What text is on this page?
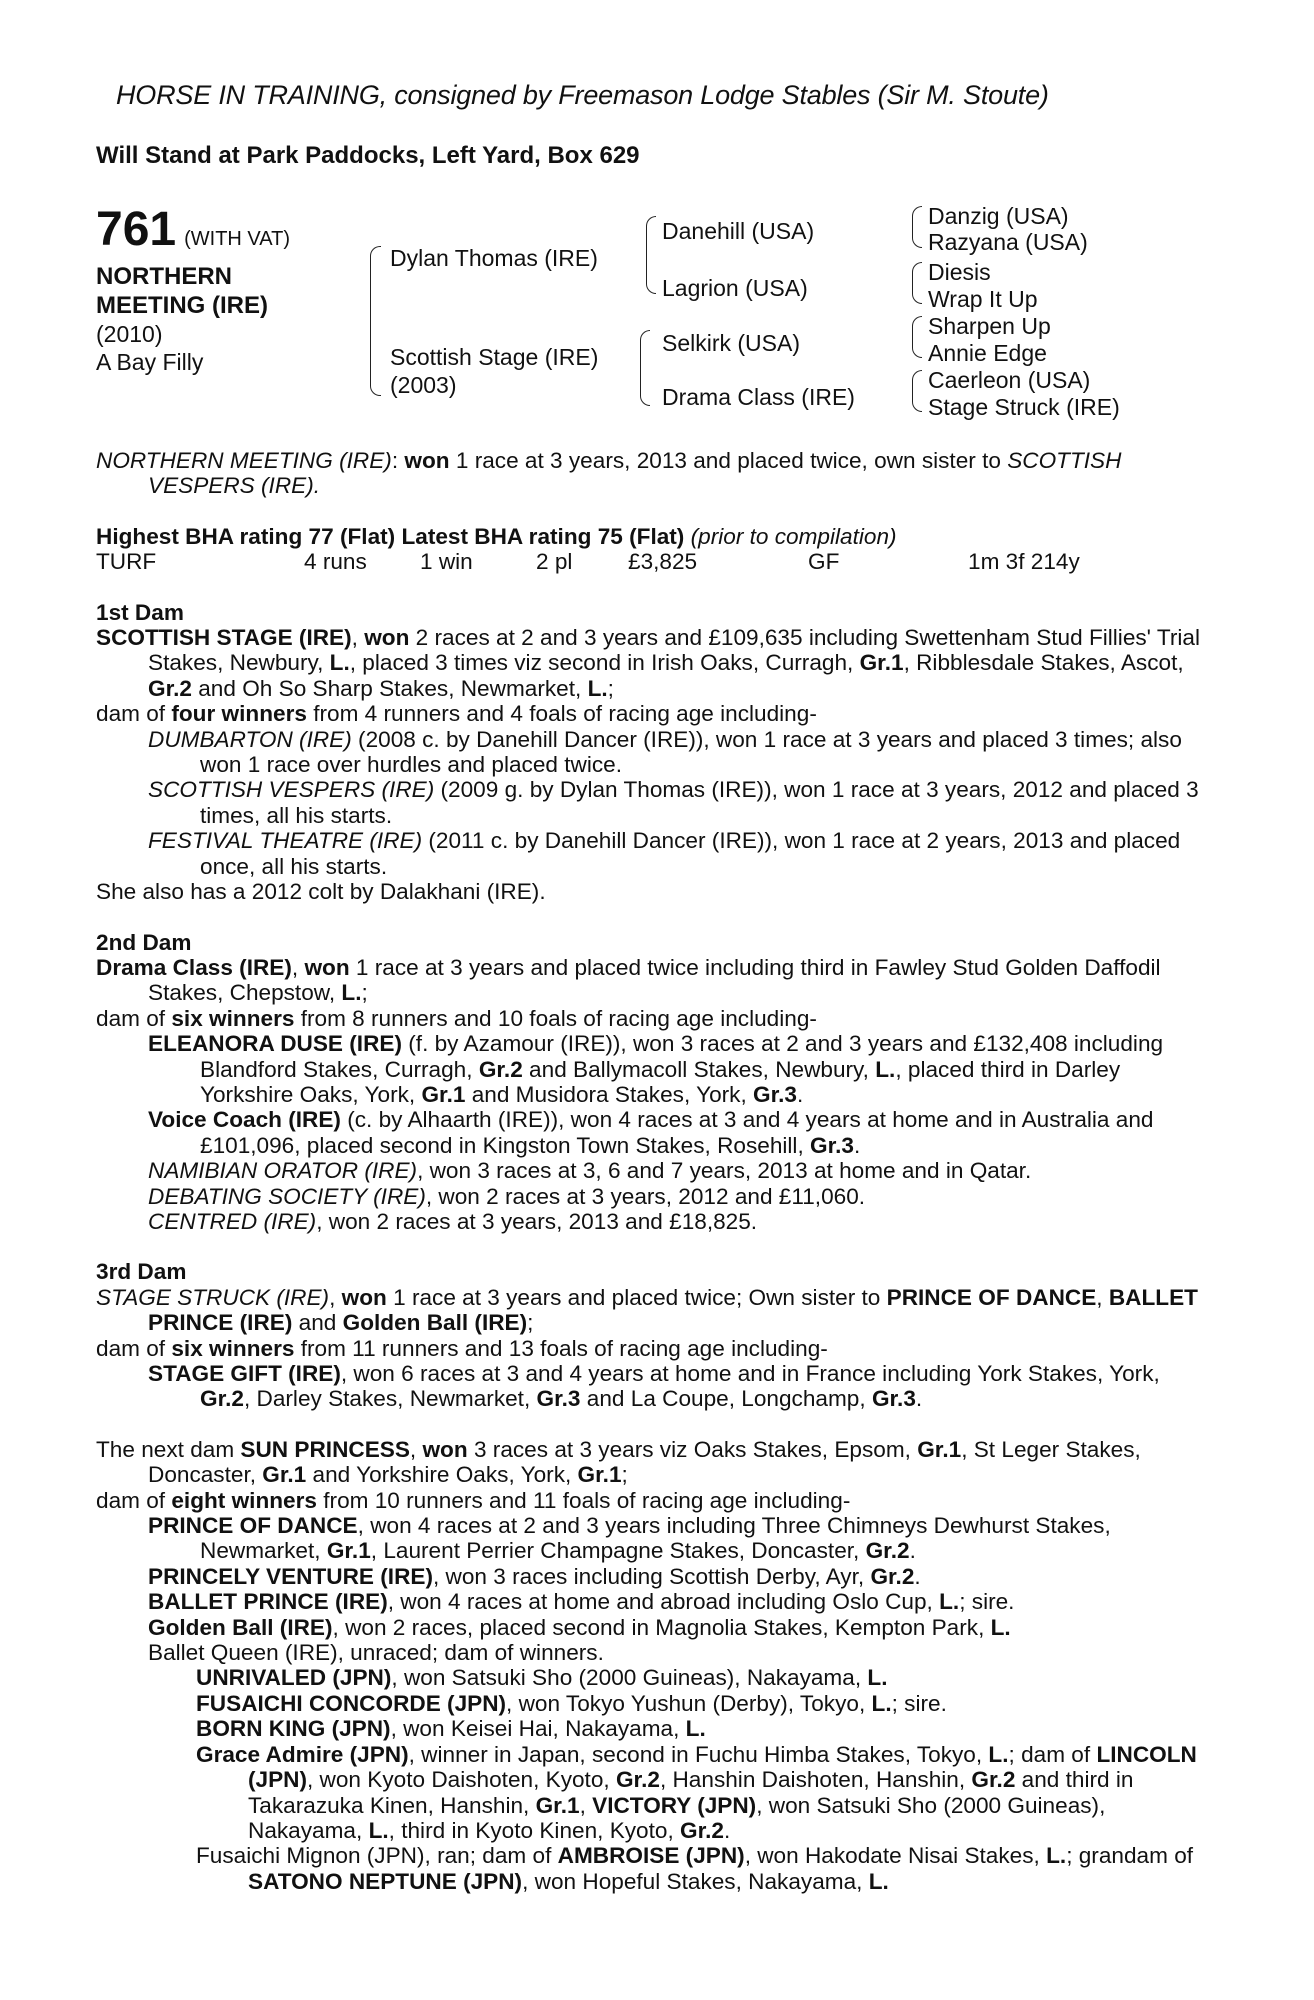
HORSE IN TRAINING, consigned by Freemason Lodge Stables (Sir M. Stoute)
Will Stand at Park Paddocks, Left Yard, Box 629
761 (WITH VAT)
NORTHERN
MEETING (IRE)
(2010)
A Bay Filly
Dylan Thomas (IRE)
Scottish Stage (IRE)
(2003)
Danehill (USA)
Lagrion (USA)
Selkirk (USA)
Drama Class (IRE)
Danzig (USA)
Razyana (USA)
Diesis
Wrap It Up
Sharpen Up
Annie Edge
Caerleon (USA)
Stage Struck (IRE)

NORTHERN MEETING (IRE): won 1 race at 3 years, 2013 and placed twice, own sister to SCOTTISH VESPERS (IRE).

Highest BHA rating 77 (Flat) Latest BHA rating 75 (Flat) (prior to compilation)

TURF	4 runs	1 win	2 pl	£3,825	GF	1m 3f 214y

1st Dam

SCOTTISH STAGE (IRE), won 2 races at 2 and 3 years and £109,635 including Swettenham Stud Fillies' Trial Stakes, Newbury, L., placed 3 times viz second in Irish Oaks, Curragh, Gr.1, Ribblesdale Stakes, Ascot, Gr.2 and Oh So Sharp Stakes, Newmarket, L.;

dam of four winners from 4 runners and 4 foals of racing age including-

DUMBARTON (IRE) (2008 c. by Danehill Dancer (IRE)), won 1 race at 3 years and placed 3 times; also won 1 race over hurdles and placed twice.

SCOTTISH VESPERS (IRE) (2009 g. by Dylan Thomas (IRE)), won 1 race at 3 years, 2012 and placed 3 times, all his starts.

FESTIVAL THEATRE (IRE) (2011 c. by Danehill Dancer (IRE)), won 1 race at 2 years, 2013 and placed once, all his starts.

She also has a 2012 colt by Dalakhani (IRE).

2nd Dam

Drama Class (IRE), won 1 race at 3 years and placed twice including third in Fawley Stud Golden Daffodil Stakes, Chepstow, L.;

dam of six winners from 8 runners and 10 foals of racing age including-

ELEANORA DUSE (IRE) (f. by Azamour (IRE)), won 3 races at 2 and 3 years and £132,408 including Blandford Stakes, Curragh, Gr.2 and Ballymacoll Stakes, Newbury, L., placed third in Darley Yorkshire Oaks, York, Gr.1 and Musidora Stakes, York, Gr.3.

Voice Coach (IRE) (c. by Alhaarth (IRE)), won 4 races at 3 and 4 years at home and in Australia and £101,096, placed second in Kingston Town Stakes, Rosehill, Gr.3.

NAMIBIAN ORATOR (IRE), won 3 races at 3, 6 and 7 years, 2013 at home and in Qatar.

DEBATING SOCIETY (IRE), won 2 races at 3 years, 2012 and £11,060.

CENTRED (IRE), won 2 races at 3 years, 2013 and £18,825.

3rd Dam

STAGE STRUCK (IRE), won 1 race at 3 years and placed twice; Own sister to PRINCE OF DANCE, BALLET PRINCE (IRE) and Golden Ball (IRE);

dam of six winners from 11 runners and 13 foals of racing age including-

STAGE GIFT (IRE), won 6 races at 3 and 4 years at home and in France including York Stakes, York, Gr.2, Darley Stakes, Newmarket, Gr.3 and La Coupe, Longchamp, Gr.3.

The next dam SUN PRINCESS, won 3 races at 3 years viz Oaks Stakes, Epsom, Gr.1, St Leger Stakes, Doncaster, Gr.1 and Yorkshire Oaks, York, Gr.1;

dam of eight winners from 10 runners and 11 foals of racing age including-

PRINCE OF DANCE, won 4 races at 2 and 3 years including Three Chimneys Dewhurst Stakes, Newmarket, Gr.1, Laurent Perrier Champagne Stakes, Doncaster, Gr.2.

PRINCELY VENTURE (IRE), won 3 races including Scottish Derby, Ayr, Gr.2.

BALLET PRINCE (IRE), won 4 races at home and abroad including Oslo Cup, L.; sire.

Golden Ball (IRE), won 2 races, placed second in Magnolia Stakes, Kempton Park, L.

Ballet Queen (IRE), unraced; dam of winners.

UNRIVALED (JPN), won Satsuki Sho (2000 Guineas), Nakayama, L.

FUSAICHI CONCORDE (JPN), won Tokyo Yushun (Derby), Tokyo, L.; sire.

BORN KING (JPN), won Keisei Hai, Nakayama, L.

Grace Admire (JPN), winner in Japan, second in Fuchu Himba Stakes, Tokyo, L.; dam of LINCOLN (JPN), won Kyoto Daishoten, Kyoto, Gr.2, Hanshin Daishoten, Hanshin, Gr.2 and third in Takarazuka Kinen, Hanshin, Gr.1, VICTORY (JPN), won Satsuki Sho (2000 Guineas), Nakayama, L., third in Kyoto Kinen, Kyoto, Gr.2.

Fusaichi Mignon (JPN), ran; dam of AMBROISE (JPN), won Hakodate Nisai Stakes, L.; grandam of SATONO NEPTUNE (JPN), won Hopeful Stakes, Nakayama, L.
